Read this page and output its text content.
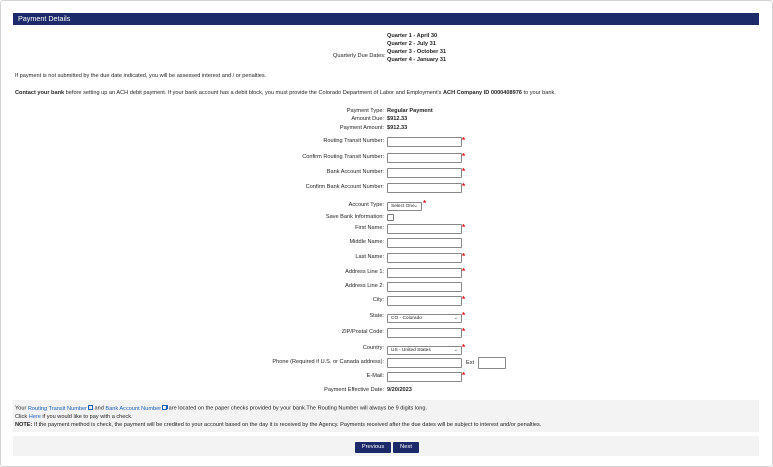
Payment Details
Quarterly Due Dates:
Quarter 1 - April 30
Quarter 2 - July 31
Quarter 3 - October 31
Quarter 4 - January 31
If payment is not submitted by the due date indicated, you will be assessed interest and / or penalties.
Contact your bank before setting up an ACH debit payment. If your bank account has a debit block, you must provide the Colorado Department of Labor and Employment's ACH Company ID 0000408976 to your bank.
Payment Type: Regular Payment
Amount Due: $912.33
Payment Amount: $912.33
Routing Transit Number:	*
Confirm Routing Transit Number:	*
Bank Account Number:	*
Confirm Bank Account Number:	*
Account Type:	Select One ⌄ *
Save Bank Information:
First Name:	*
Middle Name:
Last Name:	*
Address Line 1:	*
Address Line 2:
City:	*
State:	CO - Colorado	⌄ *
ZIP/Postal Code:	*
Country:	US - United States	⌄ *
Phone (Required if U.S. or Canada address):	Ext
E-Mail:	*
Payment Effective Date: 9/20/2023
Your Routing Transit Number and Bank Account Number are located on the paper checks provided by your bank.The Routing Number will always be 9 digits long.
Click Here if you would like to pay with a check.
NOTE: If the payment method is check, the payment will be credited to your account based on the day it is received by the Agency. Payments received after the due dates will be subject to interest and/or penalties.
Previous	Next
